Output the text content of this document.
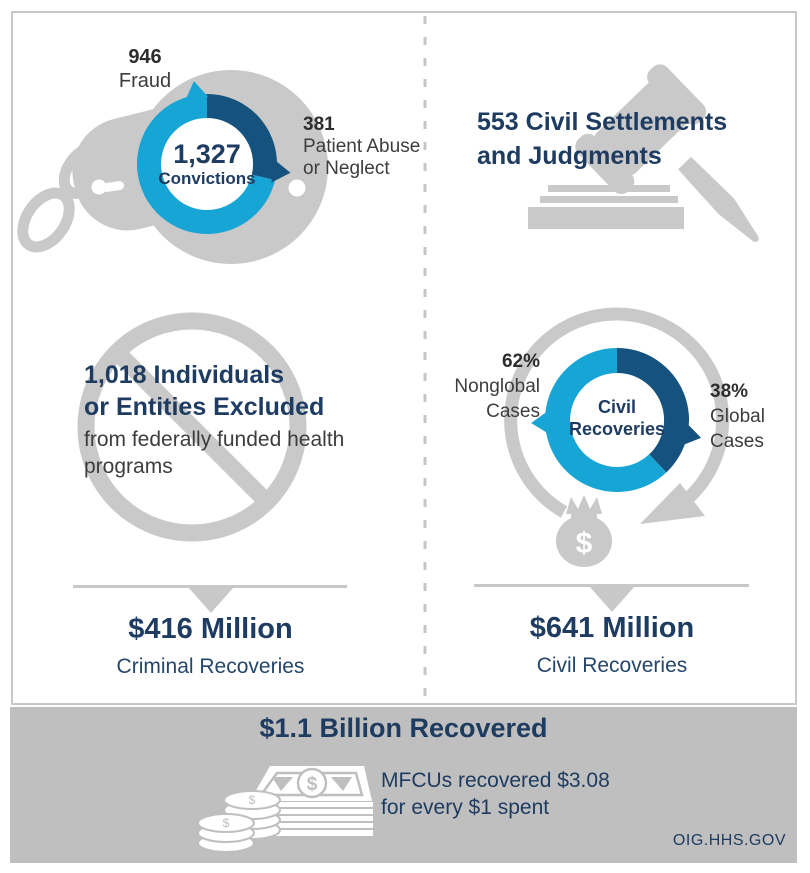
$
$
$
$
946
Fraud
381
Patient Abuse
or Neglect
1,327
Convictions
553 Civil Settlements
and Judgments
1,018 Individuals
or Entities Excluded
from federally funded health
programs
62%
Nonglobal
Cases
38%
Global
Cases
Civil
Recoveries
$416 Million
Criminal Recoveries
$641 Million
Civil Recoveries
$1.1 Billion Recovered
MFCUs recovered $3.08
for every $1 spent
OIG.HHS.GOV
